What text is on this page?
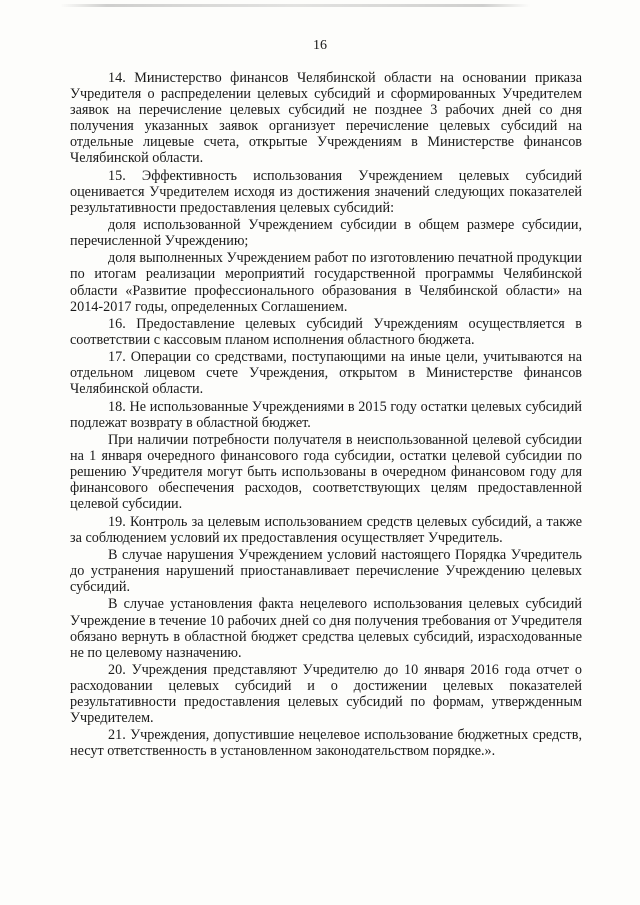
16

14. Министерство финансов Челябинской области на основании приказа Учредителя о распределении целевых субсидий и сформированных Учредителем заявок на перечисление целевых субсидий не позднее 3 рабочих дней со дня получения указанных заявок организует перечисление целевых субсидий на отдельные лицевые счета, открытые Учреждениям в Министерстве финансов Челябинской области.

15. Эффективность использования Учреждением целевых субсидий оценивается Учредителем исходя из достижения значений следующих показателей результативности предоставления целевых субсидий:

доля использованной Учреждением субсидии в общем размере субсидии, перечисленной Учреждению;

доля выполненных Учреждением работ по изготовлению печатной продукции по итогам реализации мероприятий государственной программы Челябинской области «Развитие профессионального образования в Челябинской области» на 2014-2017 годы, определенных Соглашением.

16. Предоставление целевых субсидий Учреждениям осуществляется в соответствии с кассовым планом исполнения областного бюджета.

17. Операции со средствами, поступающими на иные цели, учитываются на отдельном лицевом счете Учреждения, открытом в Министерстве финансов Челябинской области.

18. Не использованные Учреждениями в 2015 году остатки целевых субсидий подлежат возврату в областной бюджет.

При наличии потребности получателя в неиспользованной целевой субсидии на 1 января очередного финансового года субсидии, остатки целевой субсидии по решению Учредителя могут быть использованы в очередном финансовом году для финансового обеспечения расходов, соответствующих целям предоставленной целевой субсидии.

19. Контроль за целевым использованием средств целевых субсидий, а также за соблюдением условий их предоставления осуществляет Учредитель.

В случае нарушения Учреждением условий настоящего Порядка Учредитель до устранения нарушений приостанавливает перечисление Учреждению целевых субсидий.

В случае установления факта нецелевого использования целевых субсидий Учреждение в течение 10 рабочих дней со дня получения требования от Учредителя обязано вернуть в областной бюджет средства целевых субсидий, израсходованные не по целевому назначению.

20. Учреждения представляют Учредителю до 10 января 2016 года отчет о расходовании целевых субсидий и о достижении целевых показателей результативности предоставления целевых субсидий по формам, утвержденным Учредителем.

21. Учреждения, допустившие нецелевое использование бюджетных средств, несут ответственность в установленном законодательством порядке.».
